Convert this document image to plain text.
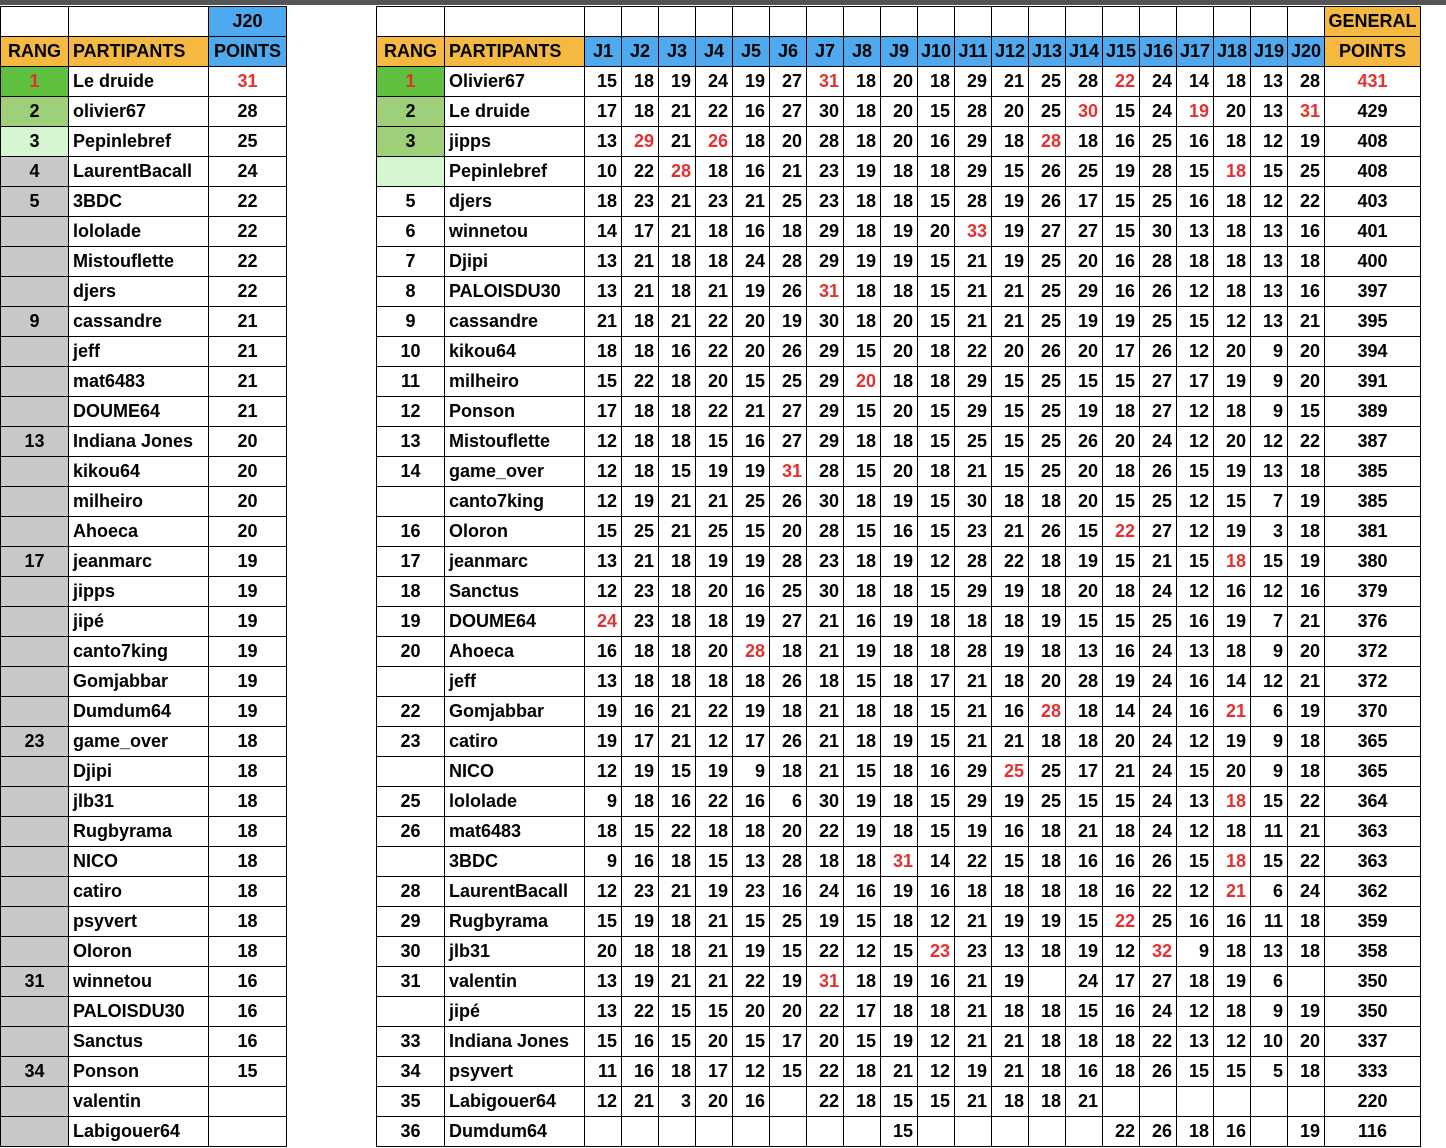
		J20
RANG	PARTIPANTS	POINTS
1	Le druide	31
2	olivier67	28
3	Pepinlebref	25
4	LaurentBacall	24
5	3BDC	22
	lololade	22
	Mistouflette	22
	djers	22
9	cassandre	21
	jeff	21
	mat6483	21
	DOUME64	21
13	Indiana Jones	20
	kikou64	20
	milheiro	20
	Ahoeca	20
17	jeanmarc	19
	jipps	19
	jipé	19
	canto7king	19
	Gomjabbar	19
	Dumdum64	19
23	game_over	18
	Djipi	18
	jlb31	18
	Rugbyrama	18
	NICO	18
	catiro	18
	psyvert	18
	Oloron	18
31	winnetou	16
	PALOISDU30	16
	Sanctus	16
34	Ponson	15
	valentin	
	Labigouer64	
																						GENERAL
RANG	PARTIPANTS	J1	J2	J3	J4	J5	J6	J7	J8	J9	J10	J11	J12	J13	J14	J15	J16	J17	J18	J19	J20	POINTS
1	Olivier67	15	18	19	24	19	27	31	18	20	18	29	21	25	28	22	24	14	18	13	28	431
2	Le druide	17	18	21	22	16	27	30	18	20	15	28	20	25	30	15	24	19	20	13	31	429
3	jipps	13	29	21	26	18	20	28	18	20	16	29	18	28	18	16	25	16	18	12	19	408
	Pepinlebref	10	22	28	18	16	21	23	19	18	18	29	15	26	25	19	28	15	18	15	25	408
5	djers	18	23	21	23	21	25	23	18	18	15	28	19	26	17	15	25	16	18	12	22	403
6	winnetou	14	17	21	18	16	18	29	18	19	20	33	19	27	27	15	30	13	18	13	16	401
7	Djipi	13	21	18	18	24	28	29	19	19	15	21	19	25	20	16	28	18	18	13	18	400
8	PALOISDU30	13	21	18	21	19	26	31	18	18	15	21	21	25	29	16	26	12	18	13	16	397
9	cassandre	21	18	21	22	20	19	30	18	20	15	21	21	25	19	19	25	15	12	13	21	395
10	kikou64	18	18	16	22	20	26	29	15	20	18	22	20	26	20	17	26	12	20	9	20	394
11	milheiro	15	22	18	20	15	25	29	20	18	18	29	15	25	15	15	27	17	19	9	20	391
12	Ponson	17	18	18	22	21	27	29	15	20	15	29	15	25	19	18	27	12	18	9	15	389
13	Mistouflette	12	18	18	15	16	27	29	18	18	15	25	15	25	26	20	24	12	20	12	22	387
14	game_over	12	18	15	19	19	31	28	15	20	18	21	15	25	20	18	26	15	19	13	18	385
	canto7king	12	19	21	21	25	26	30	18	19	15	30	18	18	20	15	25	12	15	7	19	385
16	Oloron	15	25	21	25	15	20	28	15	16	15	23	21	26	15	22	27	12	19	3	18	381
17	jeanmarc	13	21	18	19	19	28	23	18	19	12	28	22	18	19	15	21	15	18	15	19	380
18	Sanctus	12	23	18	20	16	25	30	18	18	15	29	19	18	20	18	24	12	16	12	16	379
19	DOUME64	24	23	18	18	19	27	21	16	19	18	18	18	19	15	15	25	16	19	7	21	376
20	Ahoeca	16	18	18	20	28	18	21	19	18	18	28	19	18	13	16	24	13	18	9	20	372
	jeff	13	18	18	18	18	26	18	15	18	17	21	18	20	28	19	24	16	14	12	21	372
22	Gomjabbar	19	16	21	22	19	18	21	18	18	15	21	16	28	18	14	24	16	21	6	19	370
23	catiro	19	17	21	12	17	26	21	18	19	15	21	21	18	18	20	24	12	19	9	18	365
	NICO	12	19	15	19	9	18	21	15	18	16	29	25	25	17	21	24	15	20	9	18	365
25	lololade	9	18	16	22	16	6	30	19	18	15	29	19	25	15	15	24	13	18	15	22	364
26	mat6483	18	15	22	18	18	20	22	19	18	15	19	16	18	21	18	24	12	18	11	21	363
	3BDC	9	16	18	15	13	28	18	18	31	14	22	15	18	16	16	26	15	18	15	22	363
28	LaurentBacall	12	23	21	19	23	16	24	16	19	16	18	18	18	18	16	22	12	21	6	24	362
29	Rugbyrama	15	19	18	21	15	25	19	15	18	12	21	19	19	15	22	25	16	16	11	18	359
30	jlb31	20	18	18	21	19	15	22	12	15	23	23	13	18	19	12	32	9	18	13	18	358
31	valentin	13	19	21	21	22	19	31	18	19	16	21	19		24	17	27	18	19	6		350
	jipé	13	22	15	15	20	20	22	17	18	18	21	18	18	15	16	24	12	18	9	19	350
33	Indiana Jones	15	16	15	20	15	17	20	15	19	12	21	21	18	18	18	22	13	12	10	20	337
34	psyvert	11	16	18	17	12	15	22	18	21	12	19	21	18	16	18	26	15	15	5	18	333
35	Labigouer64	12	21	3	20	16		22	18	15	15	21	18	18	21							220
36	Dumdum64									15						22	26	18	16		19	116
